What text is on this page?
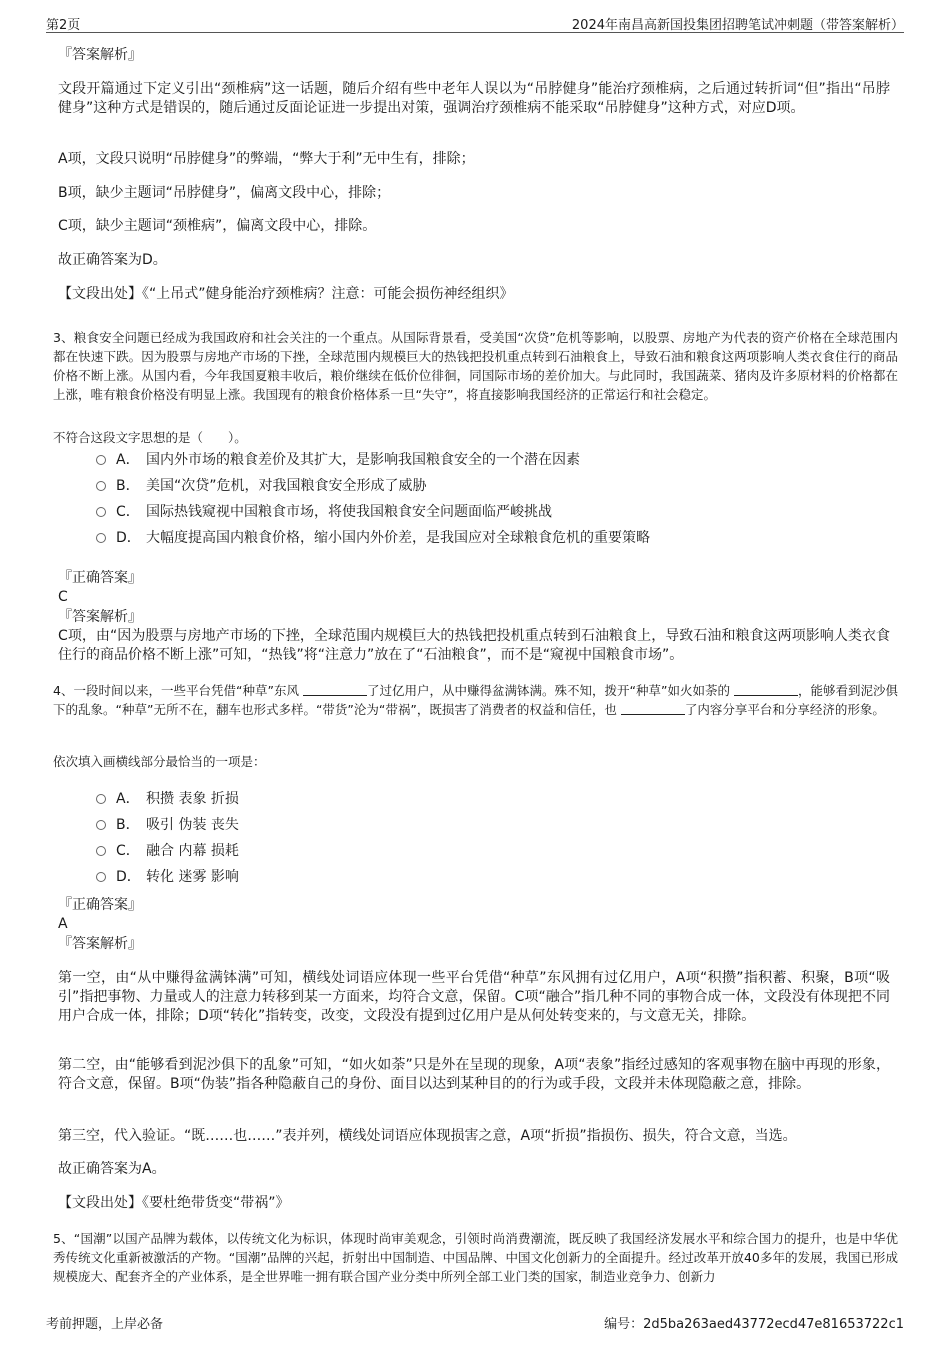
第2页	2024年南昌高新国投集团招聘笔试冲刺题（带答案解析）
『答案解析』
文段开篇通过下定义引出“颈椎病”这一话题，随后介绍有些中老年人误以为“吊脖健身”能治疗颈椎病，之后通过转折词“但”指出“吊脖健身”这种方式是错误的，随后通过反面论证进一步提出对策，强调治疗颈椎病不能采取“吊脖健身”这种方式，对应D项。
A项，文段只说明“吊脖健身”的弊端，“弊大于利”无中生有，排除；
B项，缺少主题词“吊脖健身”，偏离文段中心，排除；
C项，缺少主题词“颈椎病”，偏离文段中心，排除。
故正确答案为D。
【文段出处】《“上吊式”健身能治疗颈椎病？注意：可能会损伤神经组织》
3、粮食安全问题已经成为我国政府和社会关注的一个重点。从国际背景看，受美国“次贷”危机等影响，以股票、房地产为代表的资产价格在全球范围内都在快速下跌。因为股票与房地产市场的下挫，全球范围内规模巨大的热钱把投机重点转到石油粮食上，导致石油和粮食这两项影响人类衣食住行的商品价格不断上涨。从国内看，今年我国夏粮丰收后，粮价继续在低价位徘徊，同国际市场的差价加大。与此同时，我国蔬菜、猪肉及许多原材料的价格都在上涨，唯有粮食价格没有明显上涨。我国现有的粮食价格体系一旦“失守”，将直接影响我国经济的正常运行和社会稳定。
不符合这段文字思想的是（　　）。
A． 国内外市场的粮食差价及其扩大，是影响我国粮食安全的一个潜在因素
B． 美国“次贷”危机，对我国粮食安全形成了威胁
C． 国际热钱窥视中国粮食市场，将使我国粮食安全问题面临严峻挑战
D． 大幅度提高国内粮食价格，缩小国内外价差，是我国应对全球粮食危机的重要策略
『正确答案』
C
『答案解析』
C项，由“因为股票与房地产市场的下挫，全球范围内规模巨大的热钱把投机重点转到石油粮食上，导致石油和粮食这两项影响人类衣食住行的商品价格不断上涨”可知，“热钱”将“注意力”放在了“石油粮食”，而不是“窥视中国粮食市场”。
4、一段时间以来，一些平台凭借“种草”东风	了过亿用户，从中赚得盆满钵满。殊不知，拨开“种草”如火如荼的	，能够看到泥沙俱下的乱象。“种草”无所不在，翻车也形式多样。“带货”沦为“带祸”，既损害了消费者的权益和信任，也	了内容分享平台和分享经济的形象。
依次填入画横线部分最恰当的一项是：
A． 积攒 表象 折损
B． 吸引 伪装 丧失
C． 融合 内幕 损耗
D． 转化 迷雾 影响
『正确答案』
A
『答案解析』
第一空，由“从中赚得盆满钵满”可知，横线处词语应体现一些平台凭借“种草”东风拥有过亿用户，A项“积攒”指积蓄、积聚，B项“吸引”指把事物、力量或人的注意力转移到某一方面来，均符合文意，保留。C项“融合”指几种不同的事物合成一体，文段没有体现把不同用户合成一体，排除；D项“转化”指转变，改变，文段没有提到过亿用户是从何处转变来的，与文意无关，排除。
第二空，由“能够看到泥沙俱下的乱象”可知，“如火如荼”只是外在呈现的现象，A项“表象”指经过感知的客观事物在脑中再现的形象，符合文意，保留。B项“伪装”指各种隐蔽自己的身份、面目以达到某种目的的行为或手段，文段并未体现隐蔽之意，排除。
第三空，代入验证。“既……也……”表并列，横线处词语应体现损害之意，A项“折损”指损伤、损失，符合文意，当选。
故正确答案为A。
【文段出处】《要杜绝带货变“带祸”》
5、“国潮”以国产品牌为载体，以传统文化为标识，体现时尚审美观念，引领时尚消费潮流，既反映了我国经济发展水平和综合国力的提升，也是中华优秀传统文化重新被激活的产物。“国潮”品牌的兴起，折射出中国制造、中国品牌、中国文化创新力的全面提升。经过改革开放40多年的发展，我国已形成规模庞大、配套齐全的产业体系，是全世界唯一拥有联合国产业分类中所列全部工业门类的国家，制造业竞争力、创新力
考前押题，上岸必备	编号：2d5ba263aed43772ecd47e81653722c1
